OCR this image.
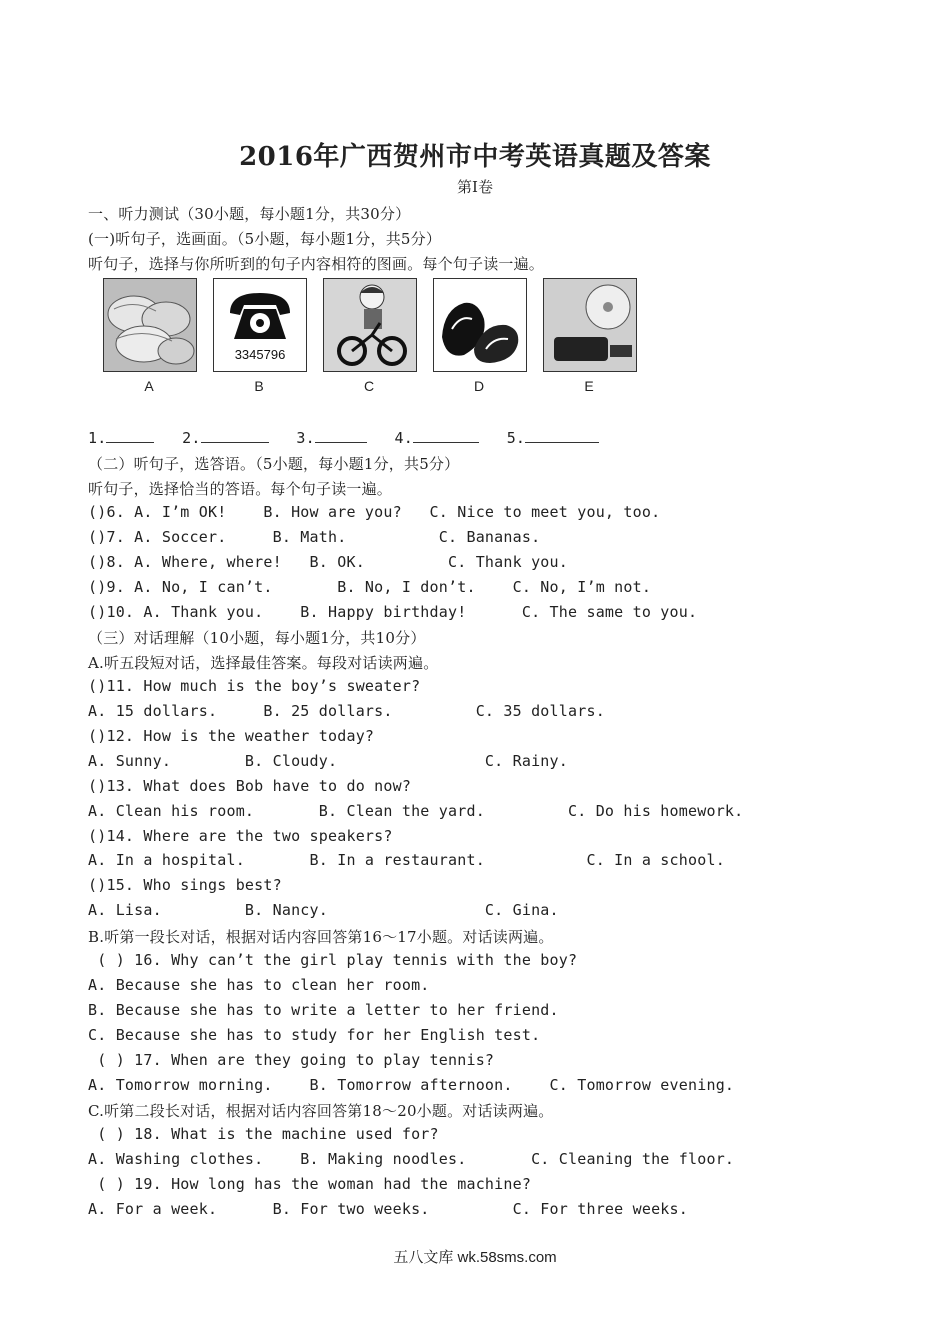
2016年广西贺州市中考英语真题及答案
第Ⅰ卷
一、听力测试（30小题，每小题1分，共30分）
(一)听句子，选画面。（5小题，每小题1分，共5分）
听句子，选择与你所听到的句子内容相符的图画。每个句子读一遍。
A
3345796
B	C	D	E
1.	2.	3.	4.	5.
（二）听句子，选答语。（5小题，每小题1分，共5分）
听句子，选择恰当的答语。每个句子读一遍。
()6. A. I’m OK!    B. How are you?   C. Nice to meet you, too.
()7. A. Soccer.     B. Math.          C. Bananas.
()8. A. Where, where!   B. OK.         C. Thank you.
()9. A. No, I can’t.       B. No, I don’t.    C. No, I’m not.
()10. A. Thank you.    B. Happy birthday!      C. The same to you.
（三）对话理解（10小题，每小题1分，共10分）
A.听五段短对话，选择最佳答案。每段对话读两遍。
()11. How much is the boy’s sweater?
A. 15 dollars.     B. 25 dollars.         C. 35 dollars.
()12. How is the weather today?
A. Sunny.        B. Cloudy.                C. Rainy.
()13. What does Bob have to do now?
A. Clean his room.       B. Clean the yard.         C. Do his homework.
()14. Where are the two speakers?
A. In a hospital.       B. In a restaurant.           C. In a school.
()15. Who sings best?
A. Lisa.         B. Nancy.                 C. Gina.
B.听第一段长对话，根据对话内容回答第16～17小题。对话读两遍。
( ) 16. Why can’t the girl play tennis with the boy?
A. Because she has to clean her room.
B. Because she has to write a letter to her friend.
C. Because she has to study for her English test.
( ) 17. When are they going to play tennis?
A. Tomorrow morning.    B. Tomorrow afternoon.    C. Tomorrow evening.
C.听第二段长对话，根据对话内容回答第18～20小题。对话读两遍。
( ) 18. What is the machine used for?
A. Washing clothes.    B. Making noodles.       C. Cleaning the floor.
( ) 19. How long has the woman had the machine?
A. For a week.      B. For two weeks.         C. For three weeks.
五八文库 wk.58sms.com
